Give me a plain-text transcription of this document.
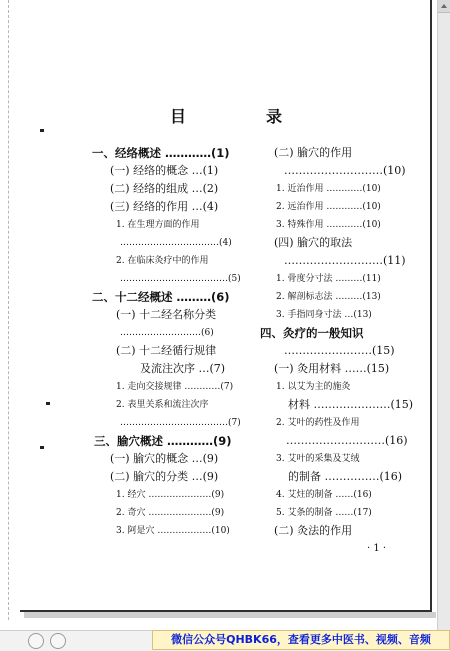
目　录
一、经络概述 …………(1)
(一) 经络的概念 …(1)
(二) 经络的组成 …(2)
(三) 经络的作用 …(4)
1. 在生理方面的作用
……………………………(4)
2. 在临床灸疗中的作用
………………………………(5)
二、十二经概述 ………(6)
(一) 十二经名称分类
………………………(6)
(二) 十二经循行规律
及流注次序 …(7)
1. 走向交接规律 …………(7)
2. 表里关系和流注次序
………………………………(7)
三、腧穴概述 …………(9)
(一) 腧穴的概念 …(9)
(二) 腧穴的分类 …(9)
1. 经穴 …………………(9)
2. 奇穴 …………………(9)
3. 阿是穴 ………………(10)
(二) 腧穴的作用
………………………(10)
1. 近治作用 …………(10)
2. 远治作用 …………(10)
3. 特殊作用 …………(10)
(四) 腧穴的取法
………………………(11)
1. 骨度分寸法 ………(11)
2. 解剖标志法 ………(13)
3. 手指同身寸法 …(13)
四、灸疗的一般知识
……………………(15)
(一) 灸用材料 ……(15)
1. 以艾为主的施灸
材料 …………………(15)
2. 艾叶的药性及作用
………………………(16)
3. 艾叶的采集及艾绒
的制备 ……………(16)
4. 艾炷的制备 ……(16)
5. 艾条的制备 ……(17)
(二) 灸法的作用
· 1 ·
微信公众号QHBK66，查看更多中医书、视频、音频
